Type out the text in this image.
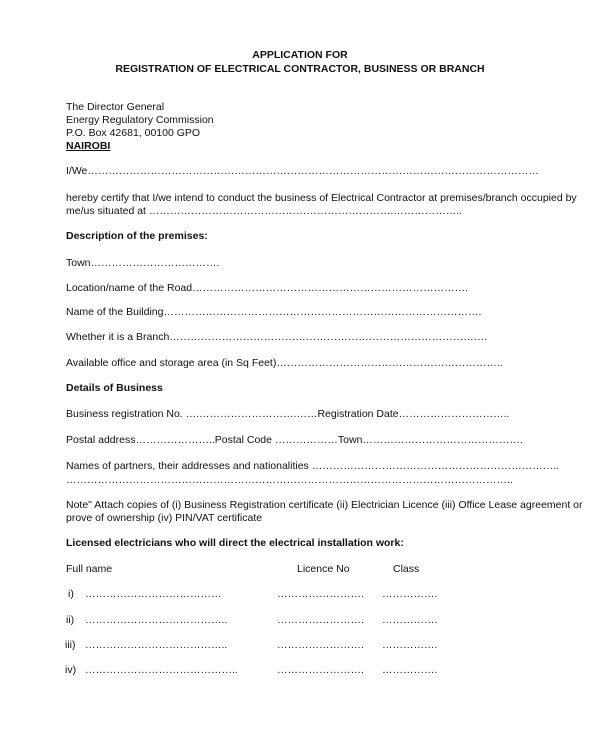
APPLICATION FOR
REGISTRATION OF ELECTRICAL CONTRACTOR, BUSINESS OR BRANCH
The Director General
Energy Regulatory Commission
P.O. Box 42681, 00100 GPO
NAIROBI
I/We…………………………………………………………………………………………………………………
hereby certify that I/we intend to conduct the business of Electrical Contractor at premises/branch occupied by
me/us situated at …………………………………………………………….………………..
Description of the premises:
Town……………………………….
Location/name of the Road…………………………………………………………………….
Name of the Building……………………………………………………………………………….
Whether it is a Branch……………………………………………………………………………….
Available office and storage area (in Sq Feet)………………………………………………………..
Details of Business
Business registration No. ….……………………….……Registration Date…………………………..
Postal address…………………..Postal Code ………………Town……………………………………….
Names of partners, their addresses and nationalities ……………………………………………………………..
………………………………………………………………………………………………………………..
Note" Attach copies of (i) Business Registration certificate (ii) Electrician Licence (iii) Office Lease agreement or
prove of ownership (iv) PIN/VAT certificate
Licensed electricians who will direct the electrical installation work:
Full name	Licence No	Class
i) …………………………………	……………………. …………….
ii) …………………………………..	……………………. …………….
iii) …………………………………..	……………………. …………….
iv) ……………………………………..	……………………. …………….
